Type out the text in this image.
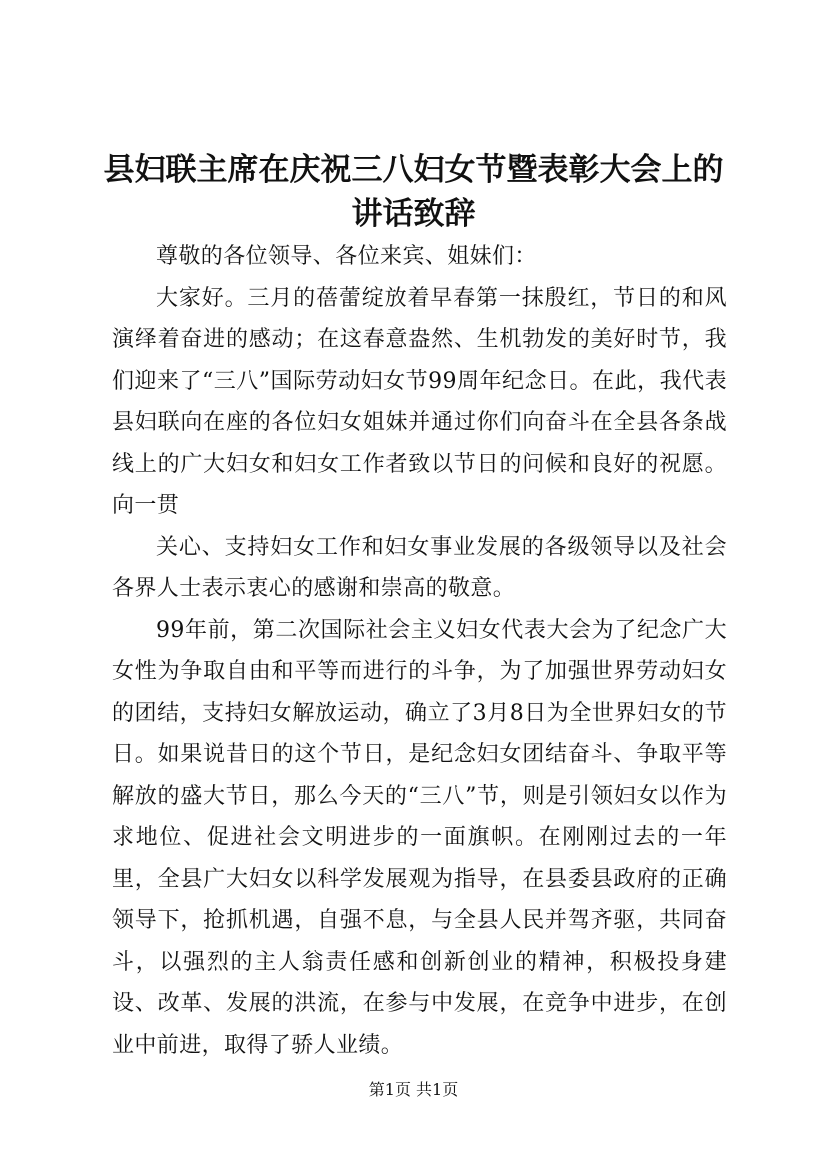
县妇联主席在庆祝三八妇女节暨表彰大会上的讲话致辞

尊敬的各位领导、各位来宾、姐妹们：

大家好。三月的蓓蕾绽放着早春第一抹殷红，节日的和风演绎着奋进的感动；在这春意盎然、生机勃发的美好时节，我们迎来了“三八”国际劳动妇女节99周年纪念日。在此，我代表县妇联向在座的各位妇女姐妹并通过你们向奋斗在全县各条战线上的广大妇女和妇女工作者致以节日的问候和良好的祝愿。向一贯

关心、支持妇女工作和妇女事业发展的各级领导以及社会各界人士表示衷心的感谢和崇高的敬意。

99年前，第二次国际社会主义妇女代表大会为了纪念广大女性为争取自由和平等而进行的斗争，为了加强世界劳动妇女的团结，支持妇女解放运动，确立了3月8日为全世界妇女的节日。如果说昔日的这个节日，是纪念妇女团结奋斗、争取平等解放的盛大节日，那么今天的“三八”节，则是引领妇女以作为求地位、促进社会文明进步的一面旗帜。在刚刚过去的一年里，全县广大妇女以科学发展观为指导，在县委县政府的正确领导下，抢抓机遇，自强不息，与全县人民并驾齐驱，共同奋斗，以强烈的主人翁责任感和创新创业的精神，积极投身建设、改革、发展的洪流，在参与中发展，在竞争中进步，在创业中前进，取得了骄人业绩。

第1页 共1页
